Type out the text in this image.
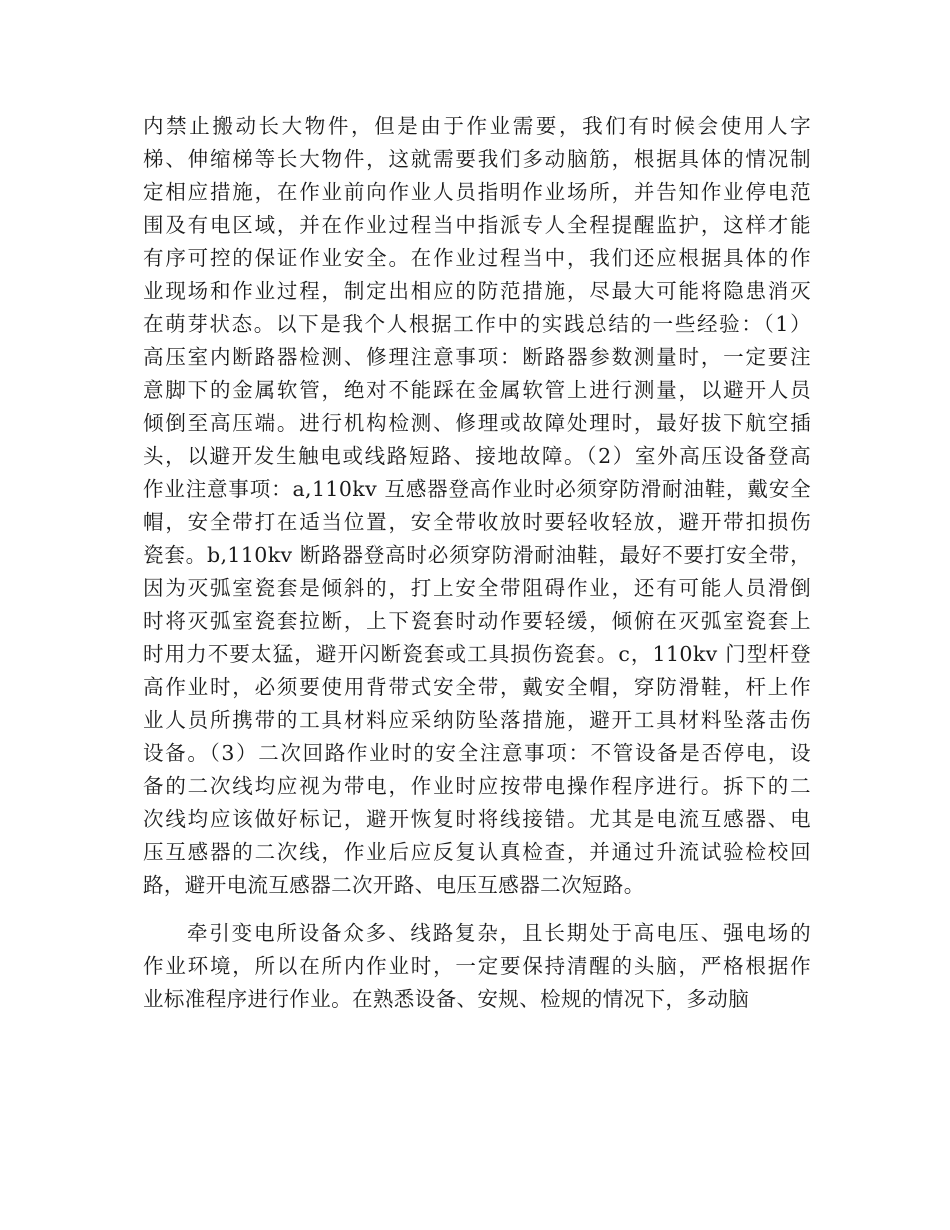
内禁止搬动长大物件，但是由于作业需要，我们有时候会使用人字
梯、伸缩梯等长大物件，这就需要我们多动脑筋，根据具体的情况制
定相应措施，在作业前向作业人员指明作业场所，并告知作业停电范
围及有电区域，并在作业过程当中指派专人全程提醒监护，这样才能
有序可控的保证作业安全。在作业过程当中，我们还应根据具体的作
业现场和作业过程，制定出相应的防范措施，尽最大可能将隐患消灭
在萌芽状态。以下是我个人根据工作中的实践总结的一些经验：（1）
高压室内断路器检测、修理注意事项：断路器参数测量时，一定要注
意脚下的金属软管，绝对不能踩在金属软管上进行测量，以避开人员
倾倒至高压端。进行机构检测、修理或故障处理时，最好拔下航空插
头，以避开发生触电或线路短路、接地故障。（2）室外高压设备登高
作业注意事项：a,110kv 互感器登高作业时必须穿防滑耐油鞋，戴安全
帽，安全带打在适当位置，安全带收放时要轻收轻放，避开带扣损伤
瓷套。b,110kv 断路器登高时必须穿防滑耐油鞋，最好不要打安全带，
因为灭弧室瓷套是倾斜的，打上安全带阻碍作业，还有可能人员滑倒
时将灭弧室瓷套拉断，上下瓷套时动作要轻缓，倾俯在灭弧室瓷套上
时用力不要太猛，避开闪断瓷套或工具损伤瓷套。c，110kv 门型杆登
高作业时，必须要使用背带式安全带，戴安全帽，穿防滑鞋，杆上作
业人员所携带的工具材料应采纳防坠落措施，避开工具材料坠落击伤
设备。（3）二次回路作业时的安全注意事项：不管设备是否停电，设
备的二次线均应视为带电，作业时应按带电操作程序进行。拆下的二
次线均应该做好标记，避开恢复时将线接错。尤其是电流互感器、电
压互感器的二次线，作业后应反复认真检查，并通过升流试验检校回
路，避开电流互感器二次开路、电压互感器二次短路。
牵引变电所设备众多、线路复杂，且长期处于高电压、强电场的
作业环境，所以在所内作业时，一定要保持清醒的头脑，严格根据作
业标准程序进行作业。在熟悉设备、安规、检规的情况下，多动脑
